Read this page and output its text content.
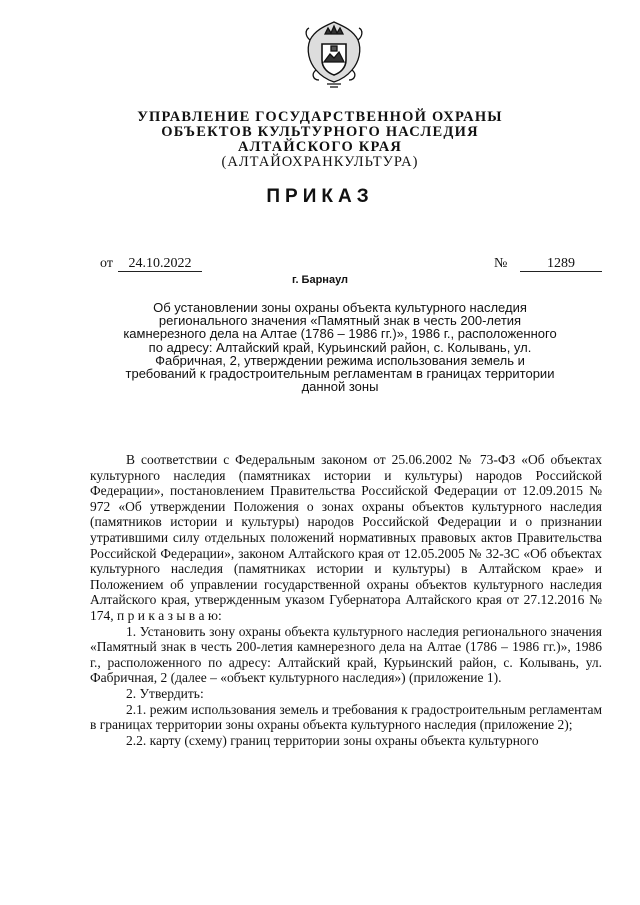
УПРАВЛЕНИЕ ГОСУДАРСТВЕННОЙ ОХРАНЫ
ОБЪЕКТОВ КУЛЬТУРНОГО НАСЛЕДИЯ
АЛТАЙСКОГО КРАЯ
(АЛТАЙОХРАНКУЛЬТУРА)
ПРИКАЗ
от	24.10.2022	№	1289
г. Барнаул
Об установлении зоны охраны объекта культурного наследия регионального значения «Памятный знак в честь 200-летия камнерезного дела на Алтае (1786 – 1986 гг.)», 1986 г., расположенного по адресу: Алтайский край, Курьинский район, с. Колывань, ул. Фабричная, 2, утверждении режима использования земель и требований к градостроительным регламентам в границах территории данной зоны

В соответствии с Федеральным законом от 25.06.2002 № 73-ФЗ «Об объектах культурного наследия (памятниках истории и культуры) народов Российской Федерации», постановлением Правительства Российской Федерации от 12.09.2015 № 972 «Об утверждении Положения о зонах охраны объектов культурного наследия (памятников истории и культуры) народов Российской Федерации и о признании утратившими силу отдельных положений нормативных правовых актов Правительства Российской Федерации», законом Алтайского края от 12.05.2005 № 32-ЗС «Об объектах культурного наследия (памятниках истории и культуры) в Алтайском крае» и Положением об управлении государственной охраны объектов культурного наследия Алтайского края, утвержденным указом Губернатора Алтайского края от 27.12.2016 № 174, п р и к а з ы в а ю:

1. Установить зону охраны объекта культурного наследия регионального значения «Памятный знак в честь 200-летия камнерезного дела на Алтае (1786 – 1986 гг.)», 1986 г., расположенного по адресу: Алтайский край, Курьинский район, с. Колывань, ул. Фабричная, 2 (далее – «объект культурного наследия») (приложение 1).

2. Утвердить:

2.1. режим использования земель и требования к градостроительным регламентам в границах территории зоны охраны объекта культурного наследия (приложение 2);

2.2. карту (схему) границ территории зоны охраны объекта культурного
